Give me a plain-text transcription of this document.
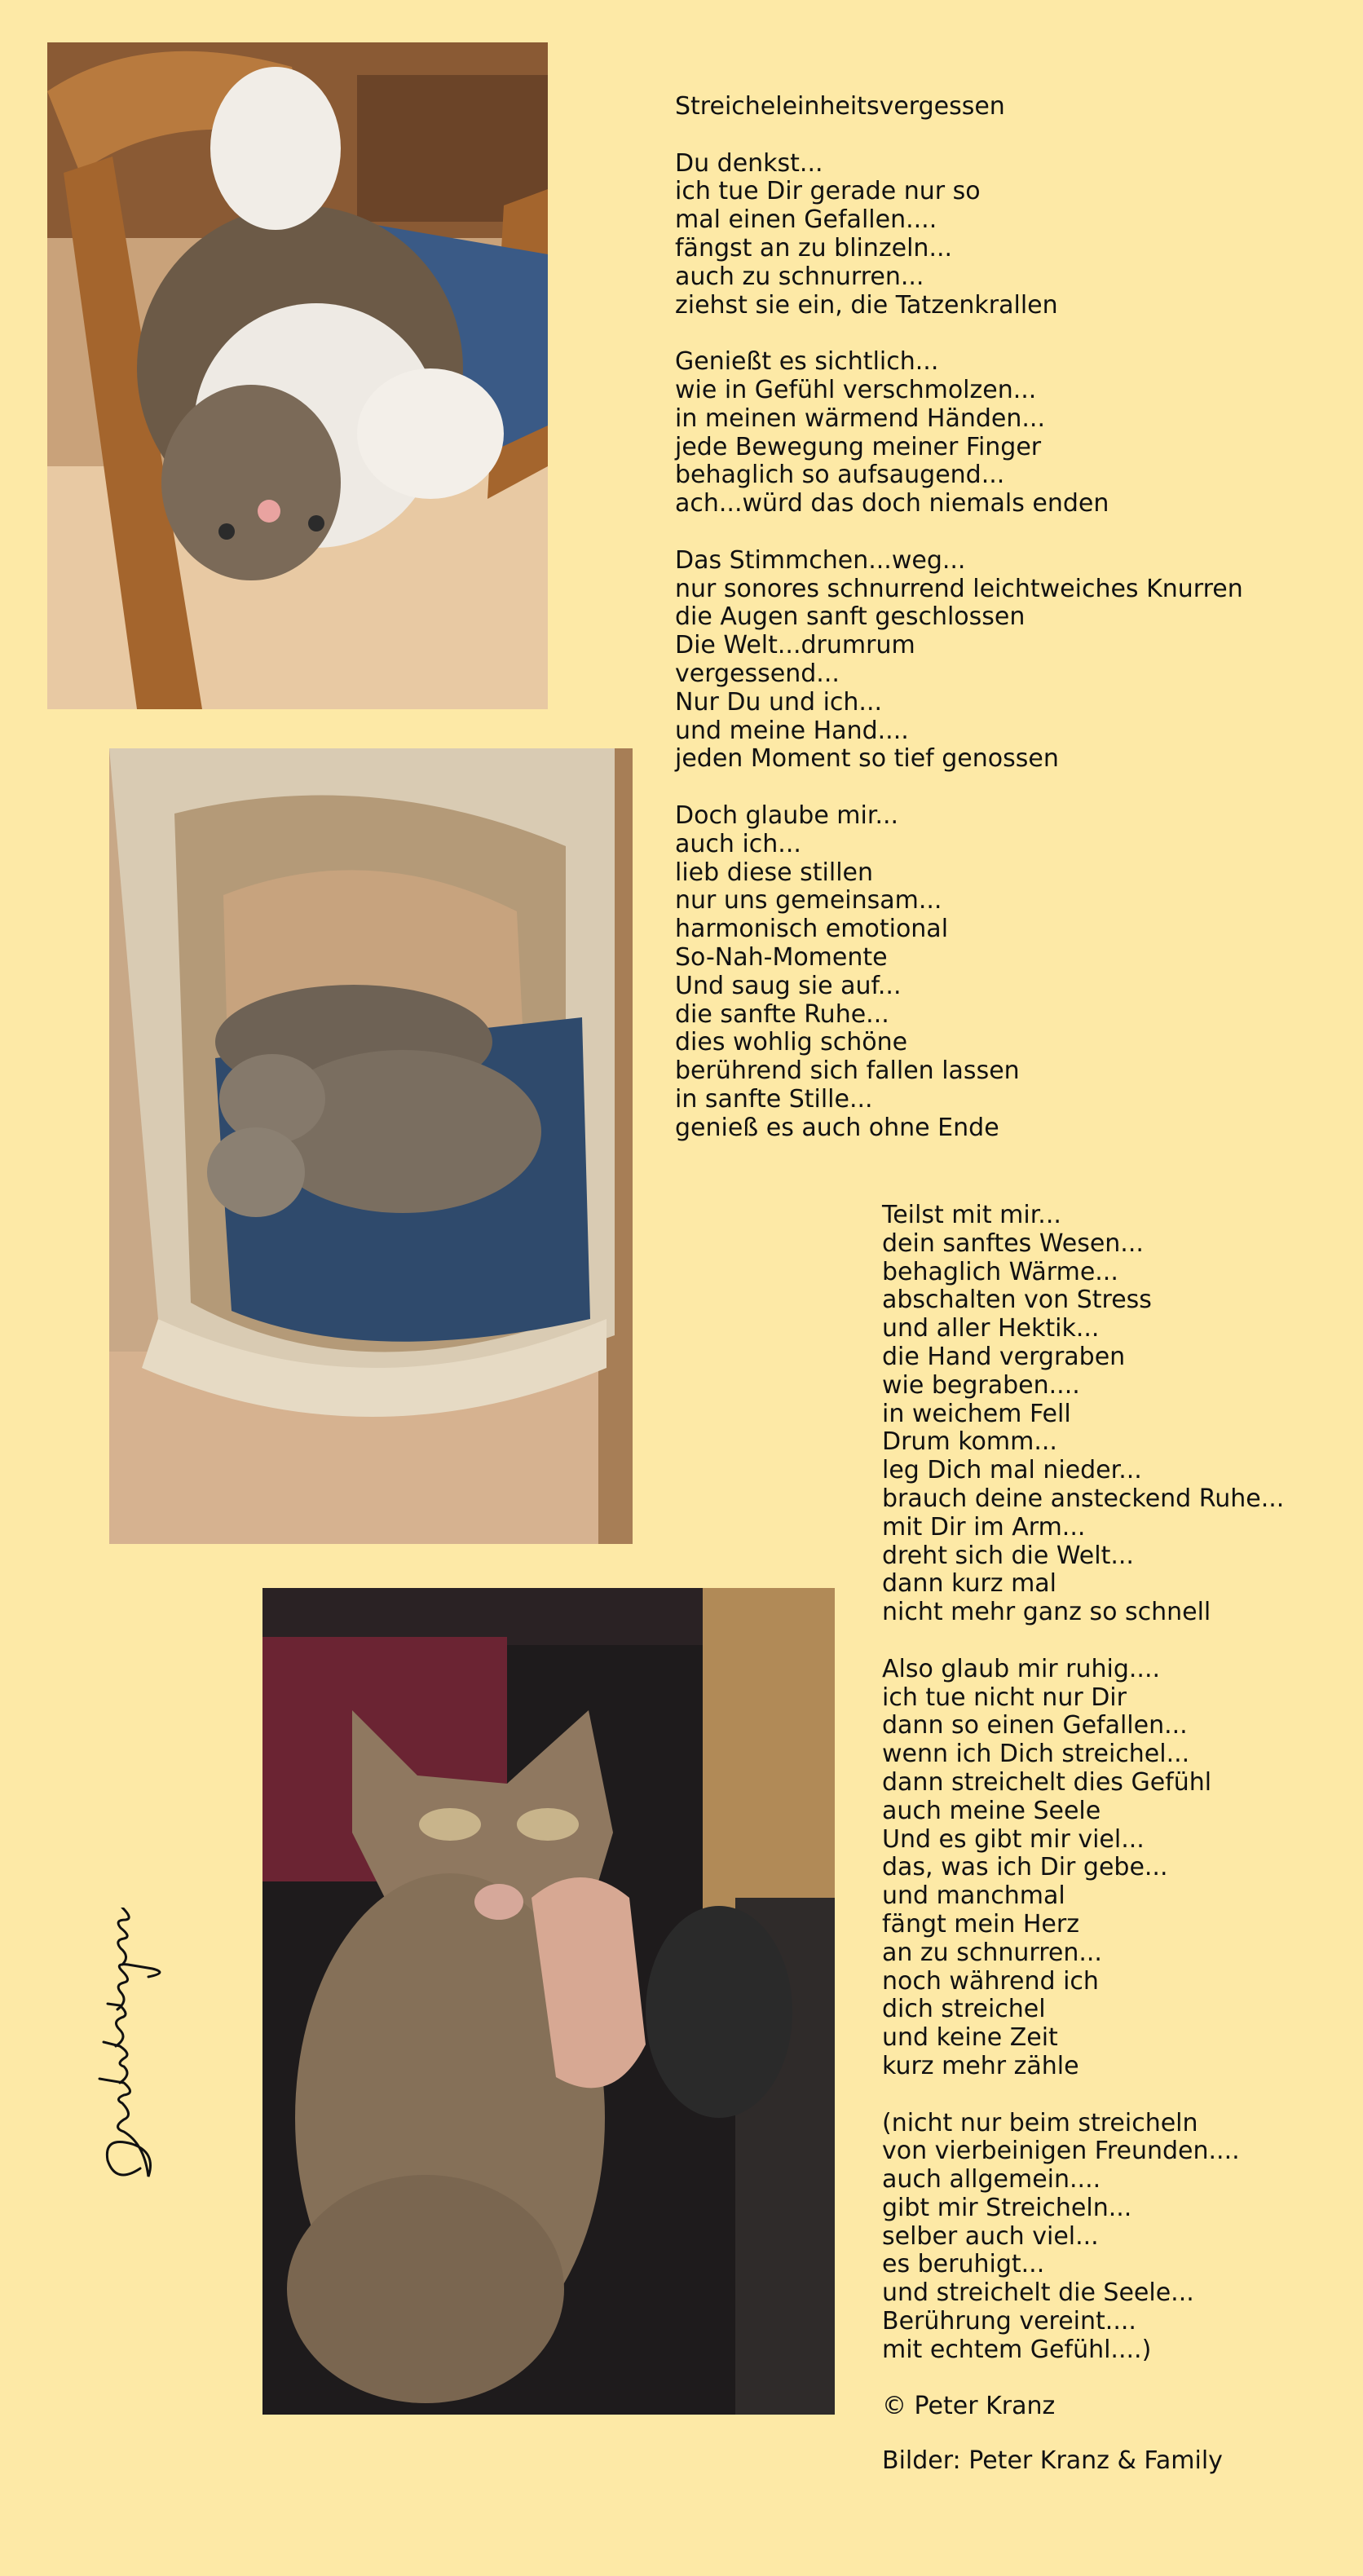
Streicheleinheitsvergessen
Du denkst...
ich tue Dir gerade nur so
mal einen Gefallen....
fängst an zu blinzeln...
auch zu schnurren...
ziehst sie ein, die Tatzenkrallen
Genießt es sichtlich...
wie in Gefühl verschmolzen...
in meinen wärmend Händen...
jede Bewegung meiner Finger
behaglich so aufsaugend...
ach...würd das doch niemals enden
Das Stimmchen...weg...
nur sonores schnurrend leichtweiches Knurren
die Augen sanft geschlossen
Die Welt...drumrum
vergessend...
Nur Du und ich...
und meine Hand....
jeden Moment so tief genossen
Doch glaube mir...
auch ich...
lieb diese stillen
nur uns gemeinsam...
harmonisch emotional
So-Nah-Momente
Und saug sie auf...
die sanfte Ruhe...
dies wohlig schöne
berührend sich fallen lassen
in sanfte Stille...
genieß es auch ohne Ende
Teilst mit mir...
dein sanftes Wesen...
behaglich Wärme...
abschalten von Stress
und aller Hektik...
die Hand vergraben
wie begraben....
in weichem Fell
Drum komm...
leg Dich mal nieder...
brauch deine ansteckend Ruhe...
mit Dir im Arm...
dreht sich die Welt...
dann kurz mal
nicht mehr ganz so schnell
Also glaub mir ruhig....
ich tue nicht nur Dir
dann so einen Gefallen...
wenn ich Dich streichel...
dann streichelt dies Gefühl
auch meine Seele
Und es gibt mir viel...
das, was ich Dir gebe...
und manchmal
fängt mein Herz
an zu schnurren...
noch während ich
dich streichel
und keine Zeit
kurz mehr zähle
(nicht nur beim streicheln
von vierbeinigen Freunden....
auch allgemein....
gibt mir Streicheln...
selber auch viel...
es beruhigt...
und streichelt die Seele...
Berührung vereint....
mit echtem Gefühl....)
© Peter Kranz
Bilder: Peter Kranz & Family
